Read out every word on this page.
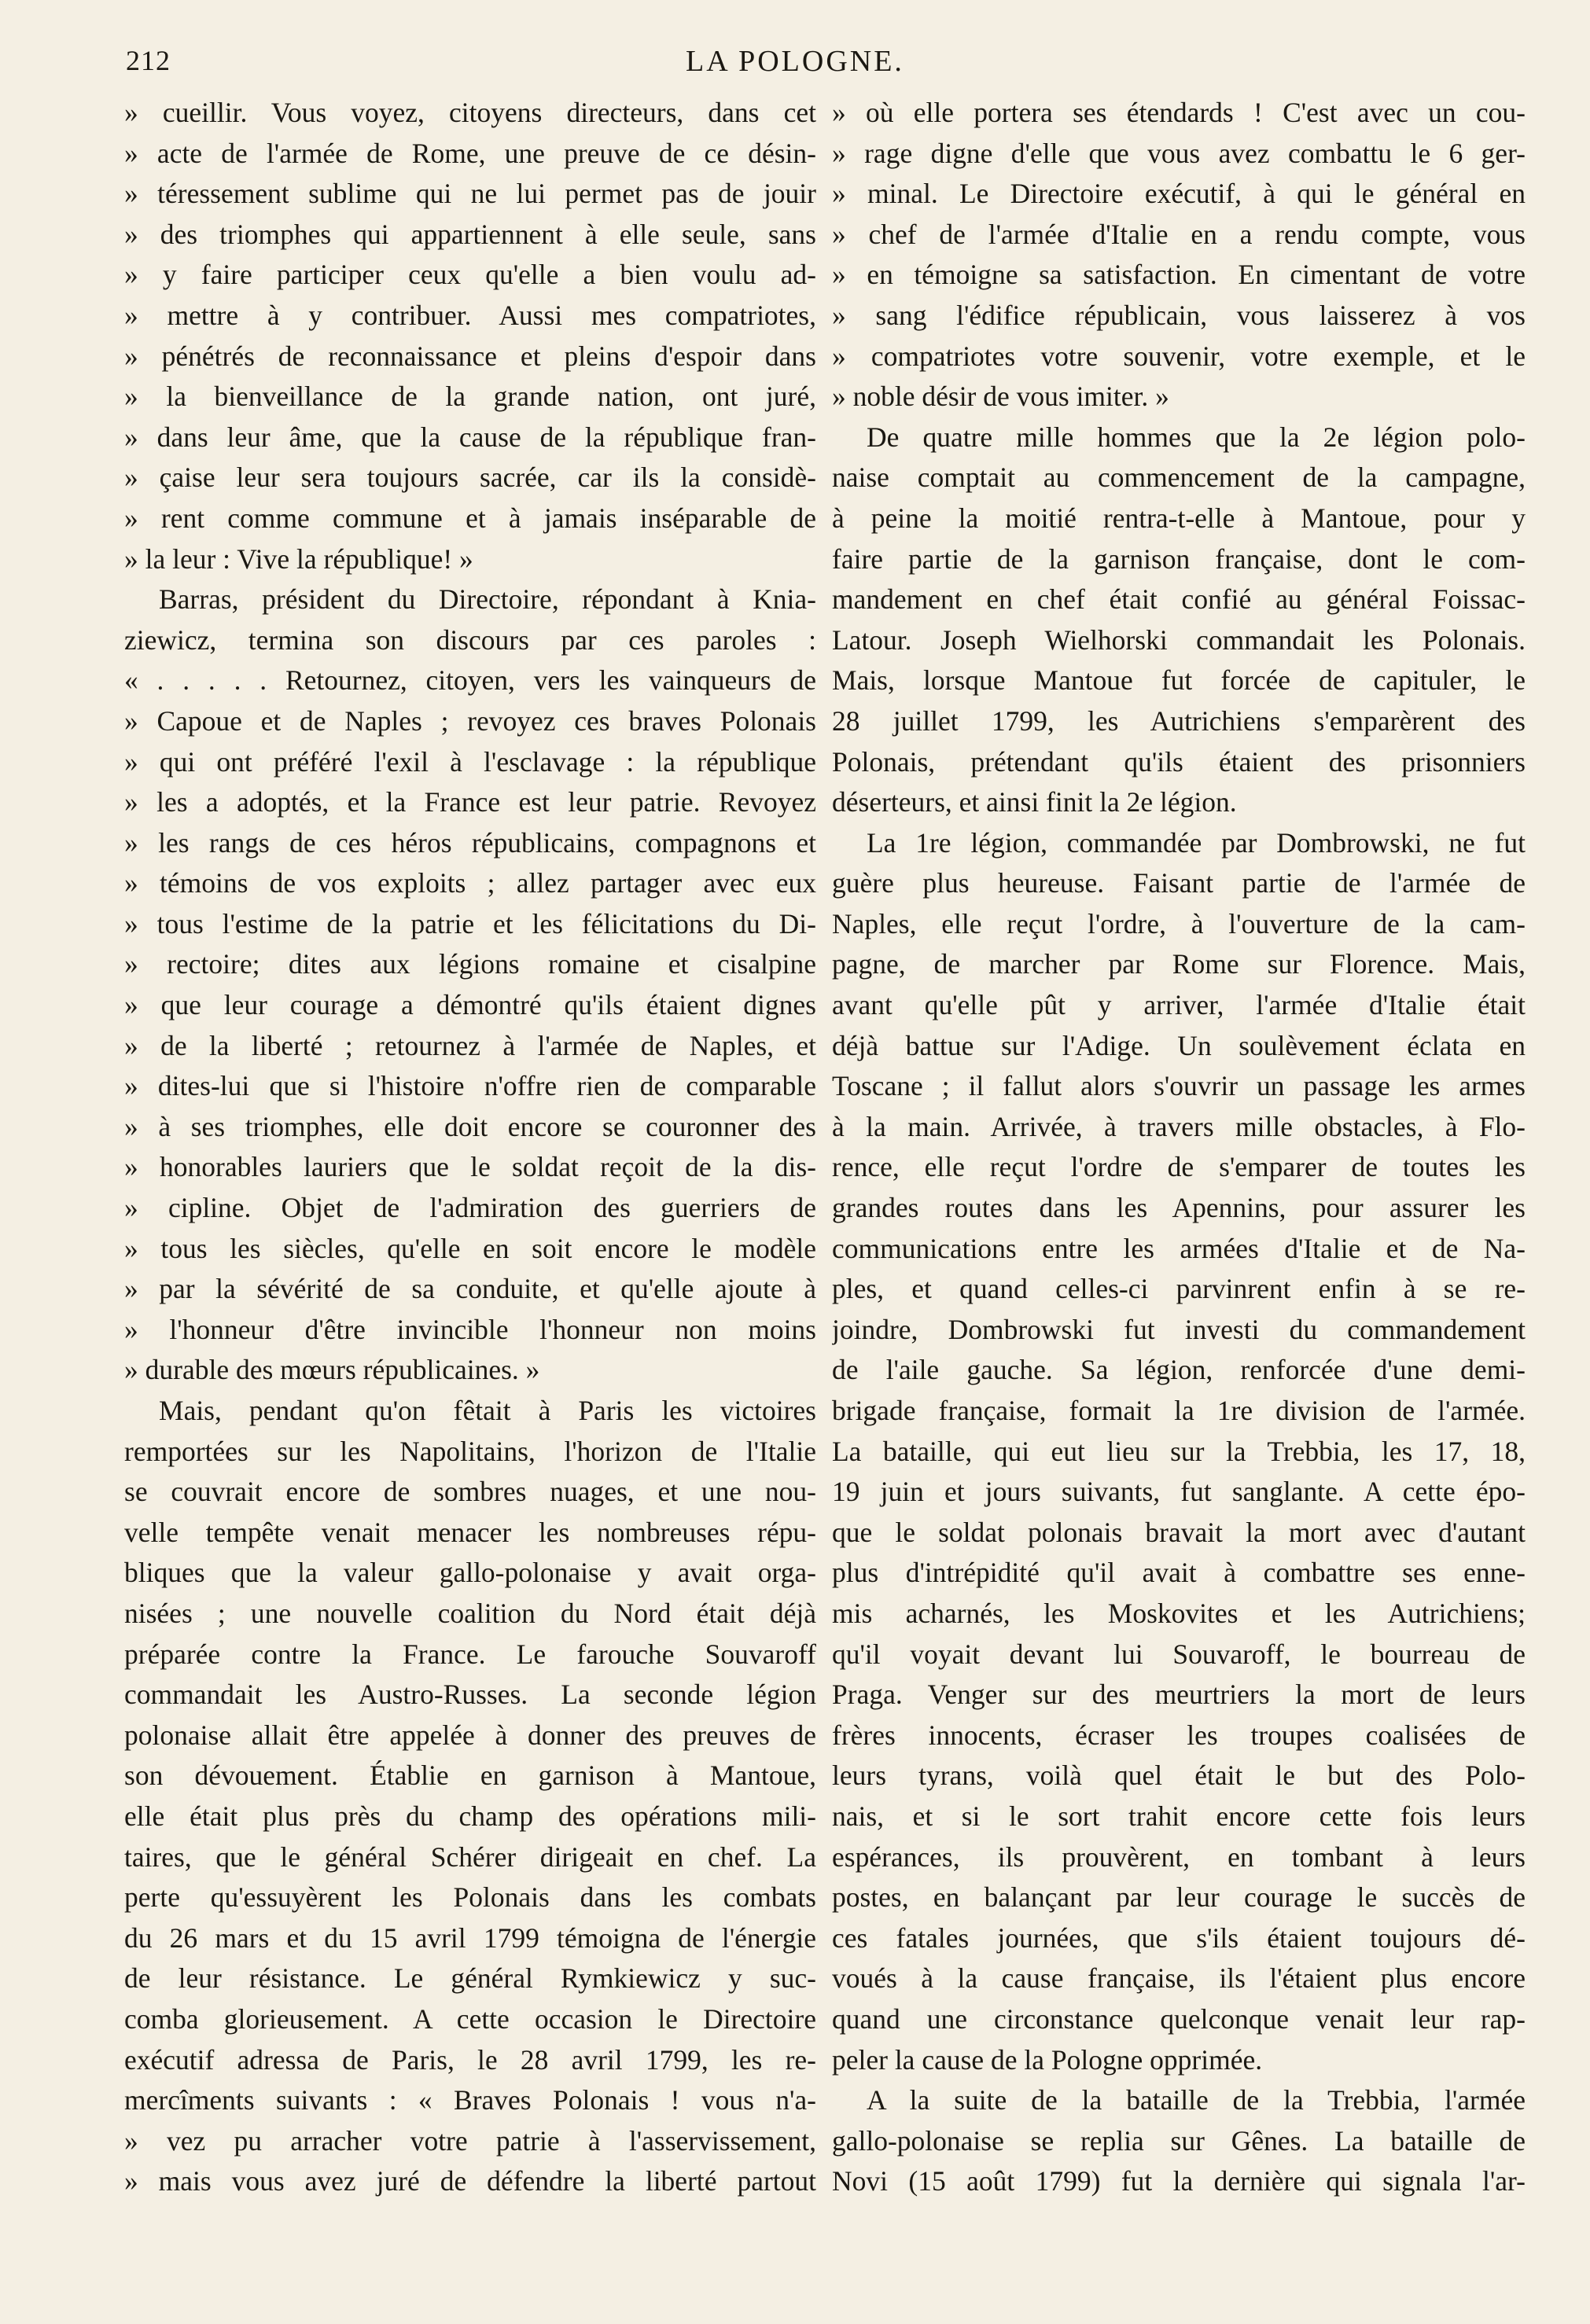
212	LA POLOGNE.
» cueillir. Vous voyez, citoyens directeurs, dans cet
» acte de l'armée de Rome, une preuve de ce désin-
» téressement sublime qui ne lui permet pas de jouir
» des triomphes qui appartiennent à elle seule, sans
» y faire participer ceux qu'elle a bien voulu ad-
» mettre à y contribuer. Aussi mes compatriotes,
» pénétrés de reconnaissance et pleins d'espoir dans
» la bienveillance de la grande nation, ont juré,
» dans leur âme, que la cause de la république fran-
» çaise leur sera toujours sacrée, car ils la considè-
» rent comme commune et à jamais inséparable de
» la leur : Vive la république! »
Barras, président du Directoire, répondant à Knia-
ziewicz, termina son discours par ces paroles :
« . . . . . Retournez, citoyen, vers les vainqueurs de
» Capoue et de Naples ; revoyez ces braves Polonais
» qui ont préféré l'exil à l'esclavage : la république
» les a adoptés, et la France est leur patrie. Revoyez
» les rangs de ces héros républicains, compagnons et
» témoins de vos exploits ; allez partager avec eux
» tous l'estime de la patrie et les félicitations du Di-
» rectoire; dites aux légions romaine et cisalpine
» que leur courage a démontré qu'ils étaient dignes
» de la liberté ; retournez à l'armée de Naples, et
» dites-lui que si l'histoire n'offre rien de comparable
» à ses triomphes, elle doit encore se couronner des
» honorables lauriers que le soldat reçoit de la dis-
» cipline. Objet de l'admiration des guerriers de
» tous les siècles, qu'elle en soit encore le modèle
» par la sévérité de sa conduite, et qu'elle ajoute à
» l'honneur d'être invincible l'honneur non moins
» durable des mœurs républicaines. »
Mais, pendant qu'on fêtait à Paris les victoires
remportées sur les Napolitains, l'horizon de l'Italie
se couvrait encore de sombres nuages, et une nou-
velle tempête venait menacer les nombreuses répu-
bliques que la valeur gallo-polonaise y avait orga-
nisées ; une nouvelle coalition du Nord était déjà
préparée contre la France. Le farouche Souvaroff
commandait les Austro-Russes. La seconde légion
polonaise allait être appelée à donner des preuves de
son dévouement. Établie en garnison à Mantoue,
elle était plus près du champ des opérations mili-
taires, que le général Schérer dirigeait en chef. La
perte qu'essuyèrent les Polonais dans les combats
du 26 mars et du 15 avril 1799 témoigna de l'énergie
de leur résistance. Le général Rymkiewicz y suc-
comba glorieusement. A cette occasion le Directoire
exécutif adressa de Paris, le 28 avril 1799, les re-
mercîments suivants : « Braves Polonais ! vous n'a-
» vez pu arracher votre patrie à l'asservissement,
» mais vous avez juré de défendre la liberté partout
» où elle portera ses étendards ! C'est avec un cou-
» rage digne d'elle que vous avez combattu le 6 ger-
» minal. Le Directoire exécutif, à qui le général en
» chef de l'armée d'Italie en a rendu compte, vous
» en témoigne sa satisfaction. En cimentant de votre
» sang l'édifice républicain, vous laisserez à vos
» compatriotes votre souvenir, votre exemple, et le
» noble désir de vous imiter. »
De quatre mille hommes que la 2e légion polo-
naise comptait au commencement de la campagne,
à peine la moitié rentra-t-elle à Mantoue, pour y
faire partie de la garnison française, dont le com-
mandement en chef était confié au général Foissac-
Latour. Joseph Wielhorski commandait les Polonais.
Mais, lorsque Mantoue fut forcée de capituler, le
28 juillet 1799, les Autrichiens s'emparèrent des
Polonais, prétendant qu'ils étaient des prisonniers
déserteurs, et ainsi finit la 2e légion.
La 1re légion, commandée par Dombrowski, ne fut
guère plus heureuse. Faisant partie de l'armée de
Naples, elle reçut l'ordre, à l'ouverture de la cam-
pagne, de marcher par Rome sur Florence. Mais,
avant qu'elle pût y arriver, l'armée d'Italie était
déjà battue sur l'Adige. Un soulèvement éclata en
Toscane ; il fallut alors s'ouvrir un passage les armes
à la main. Arrivée, à travers mille obstacles, à Flo-
rence, elle reçut l'ordre de s'emparer de toutes les
grandes routes dans les Apennins, pour assurer les
communications entre les armées d'Italie et de Na-
ples, et quand celles-ci parvinrent enfin à se re-
joindre, Dombrowski fut investi du commandement
de l'aile gauche. Sa légion, renforcée d'une demi-
brigade française, formait la 1re division de l'armée.
La bataille, qui eut lieu sur la Trebbia, les 17, 18,
19 juin et jours suivants, fut sanglante. A cette épo-
que le soldat polonais bravait la mort avec d'autant
plus d'intrépidité qu'il avait à combattre ses enne-
mis acharnés, les Moskovites et les Autrichiens;
qu'il voyait devant lui Souvaroff, le bourreau de
Praga. Venger sur des meurtriers la mort de leurs
frères innocents, écraser les troupes coalisées de
leurs tyrans, voilà quel était le but des Polo-
nais, et si le sort trahit encore cette fois leurs
espérances, ils prouvèrent, en tombant à leurs
postes, en balançant par leur courage le succès de
ces fatales journées, que s'ils étaient toujours dé-
voués à la cause française, ils l'étaient plus encore
quand une circonstance quelconque venait leur rap-
peler la cause de la Pologne opprimée.
A la suite de la bataille de la Trebbia, l'armée
gallo-polonaise se replia sur Gênes. La bataille de
Novi (15 août 1799) fut la dernière qui signala l'ar-
